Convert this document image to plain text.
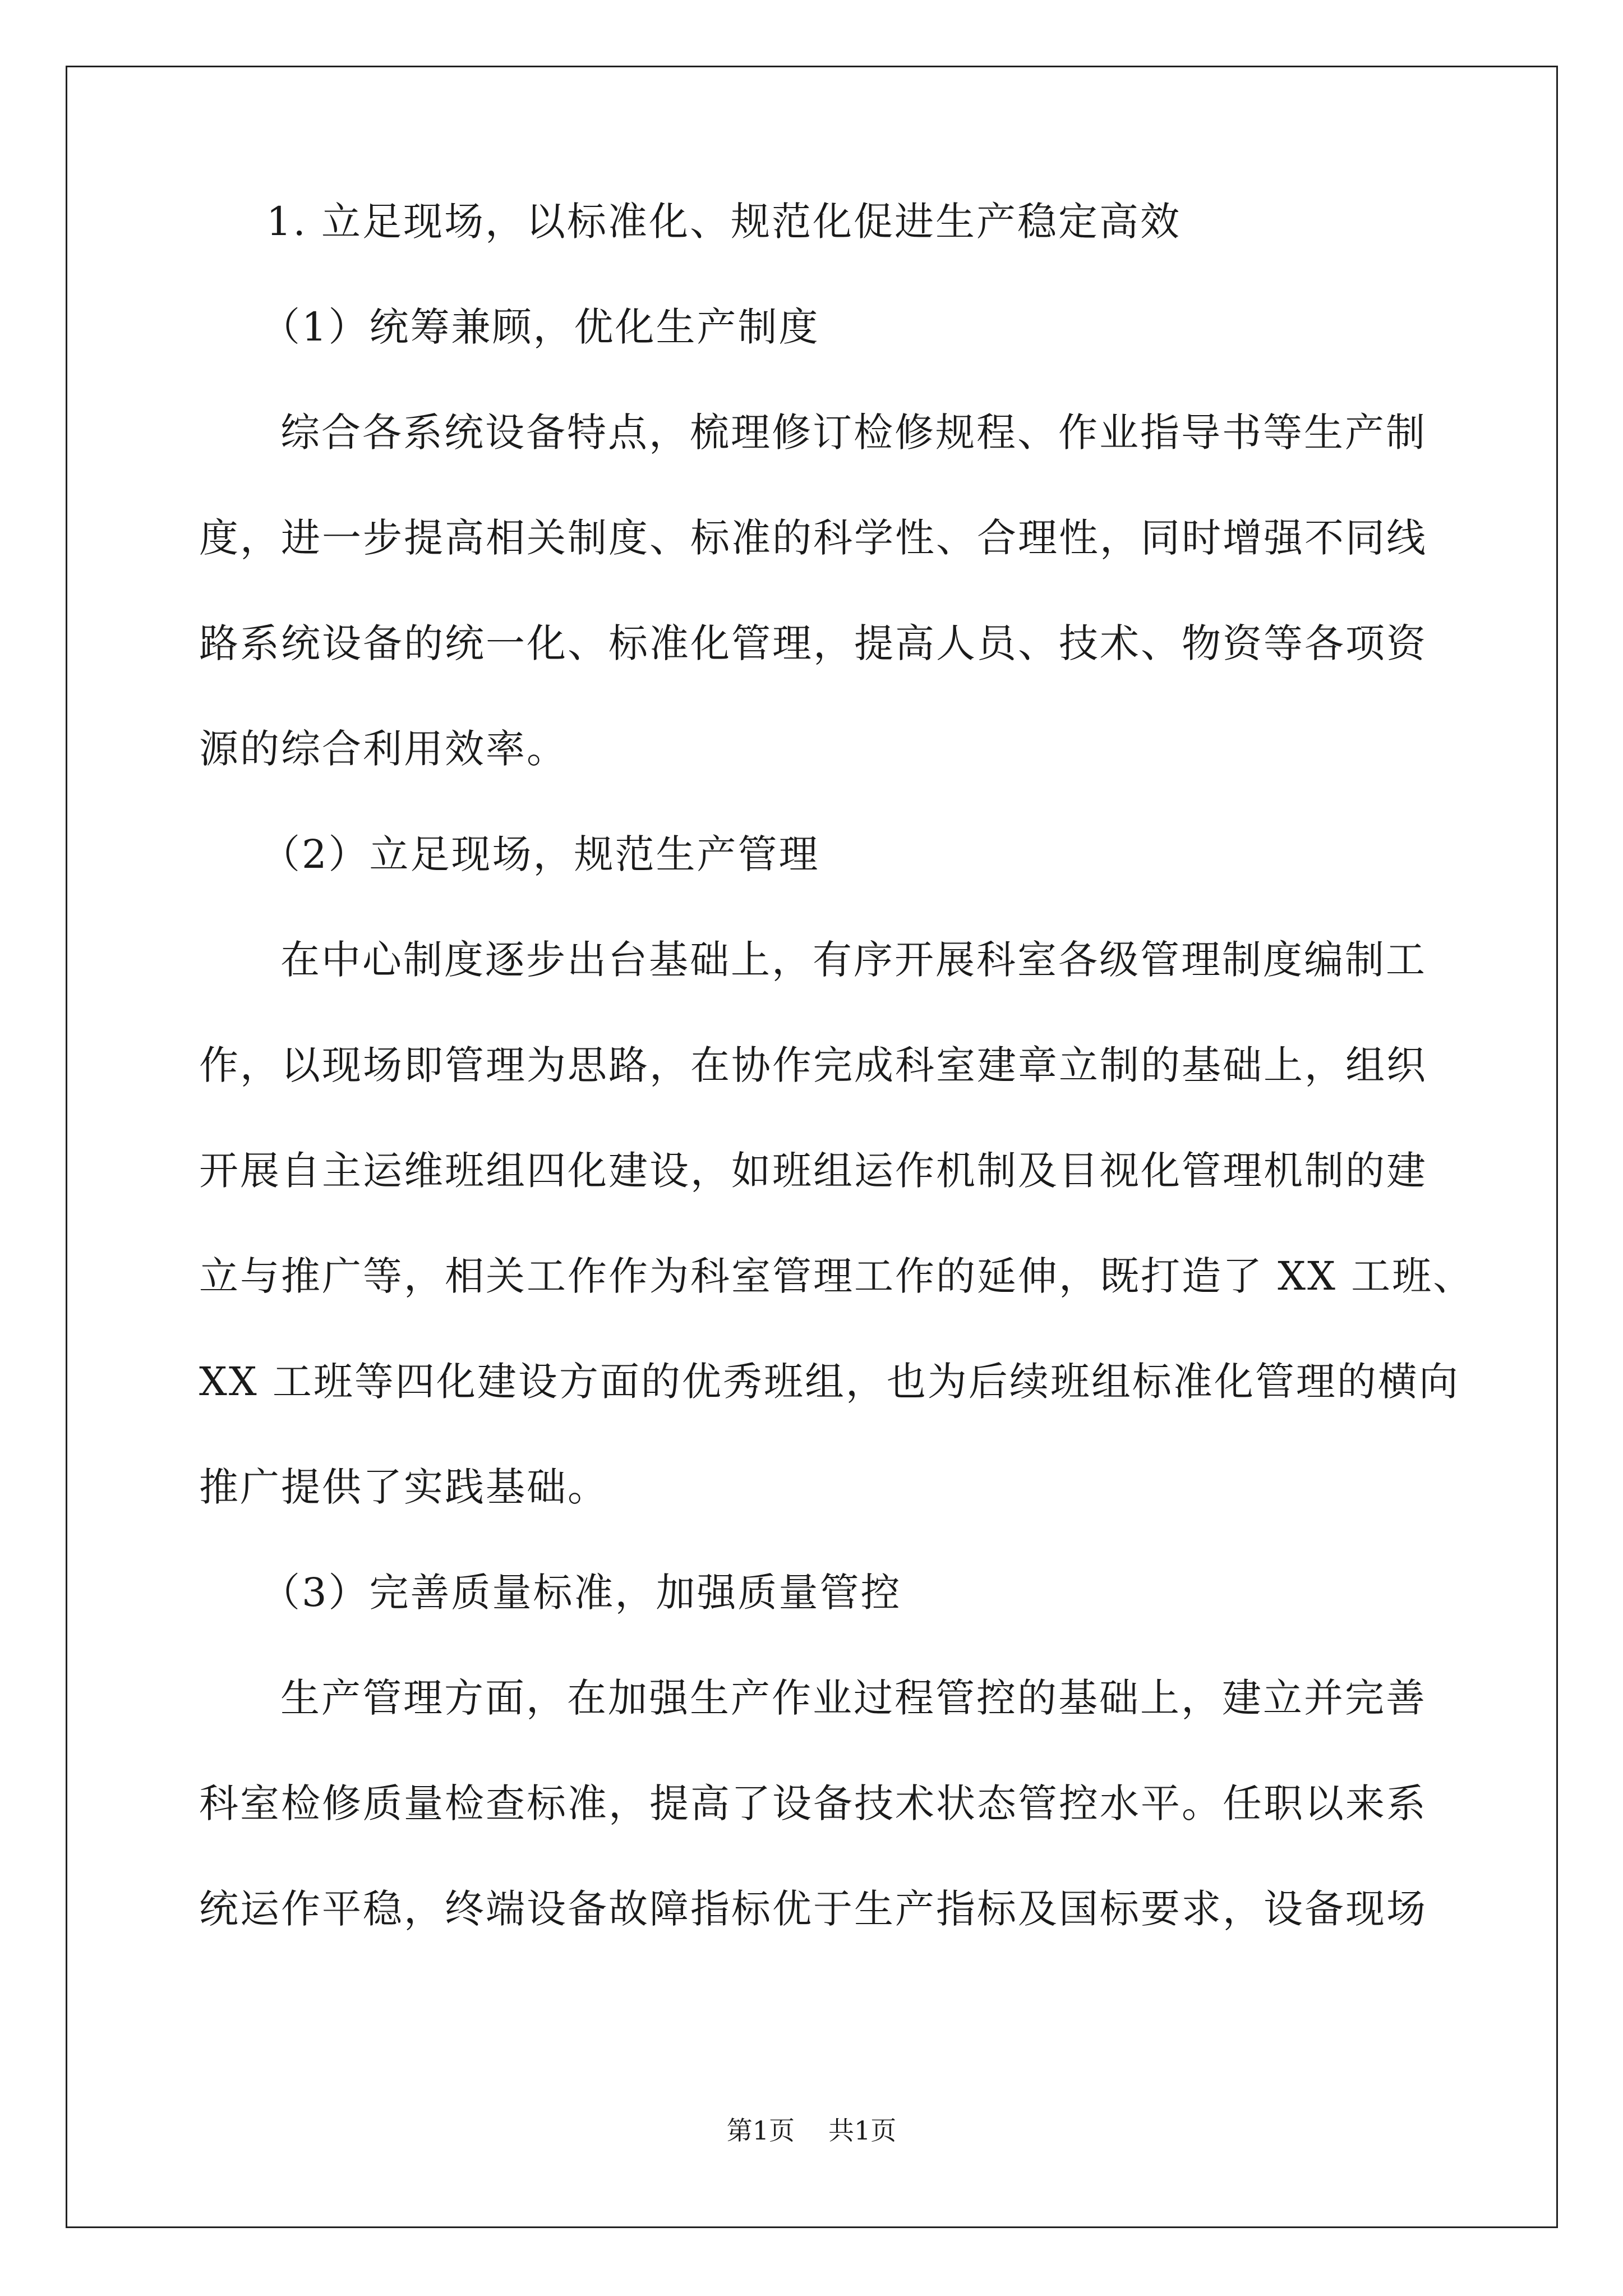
1. 立足现场，以标准化、规范化促进生产稳定高效
（1）统筹兼顾，优化生产制度
综合各系统设备特点，梳理修订检修规程、作业指导书等生产制
度，进一步提高相关制度、标准的科学性、合理性，同时增强不同线
路系统设备的统一化、标准化管理，提高人员、技术、物资等各项资
源的综合利用效率。
（2）立足现场，规范生产管理
在中心制度逐步出台基础上，有序开展科室各级管理制度编制工
作，以现场即管理为思路，在协作完成科室建章立制的基础上，组织
开展自主运维班组四化建设，如班组运作机制及目视化管理机制的建
立与推广等，相关工作作为科室管理工作的延伸，既打造了 XX 工班、
XX 工班等四化建设方面的优秀班组，也为后续班组标准化管理的横向
推广提供了实践基础。
（3）完善质量标准，加强质量管控
生产管理方面，在加强生产作业过程管控的基础上，建立并完善
科室检修质量检查标准，提高了设备技术状态管控水平。任职以来系
统运作平稳，终端设备故障指标优于生产指标及国标要求，设备现场
第1页 共1页
